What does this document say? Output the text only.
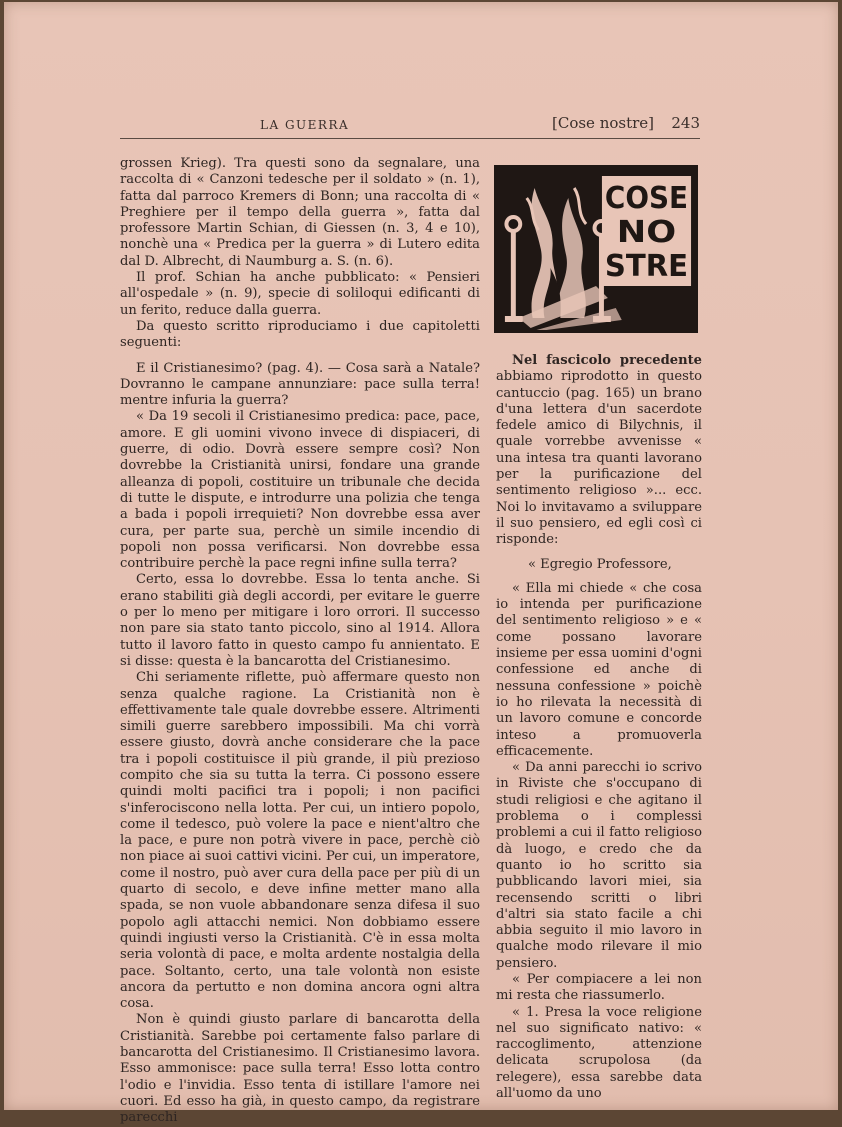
LA GUERRA	[Cose nostre] 243

grossen Krieg). Tra questi sono da segnalare, una raccolta di « Canzoni tedesche per il soldato » (n. 1), fatta dal parroco Kremers di Bonn; una raccolta di « Preghiere per il tempo della guerra », fatta dal professore Martin Schian, di Giessen (n. 3, 4 e 10), nonchè una « Predica per la guerra » di Lutero edita dal D. Albrecht, di Naumburg a. S. (n. 6).

Il prof. Schian ha anche pubblicato: « Pensieri all'ospedale » (n. 9), specie di soliloqui edificanti di un ferito, reduce dalla guerra.

Da questo scritto riproduciamo i due capitoletti seguenti:

E il Cristianesimo? (pag. 4). — Cosa sarà a Natale? Dovranno le campane annunziare: pace sulla terra! mentre infuria la guerra?

« Da 19 secoli il Cristianesimo predica: pace, pace, amore. E gli uomini vivono invece di dispiaceri, di guerre, di odio. Dovrà essere sempre così? Non dovrebbe la Cristianità unirsi, fondare una grande alleanza di popoli, costituire un tribunale che decida di tutte le dispute, e introdurre una polizia che tenga a bada i popoli irrequieti? Non dovrebbe essa aver cura, per parte sua, perchè un simile incendio di popoli non possa verificarsi. Non dovrebbe essa contribuire perchè la pace regni infine sulla terra?

Certo, essa lo dovrebbe. Essa lo tenta anche. Si erano stabiliti già degli accordi, per evitare le guerre o per lo meno per mitigare i loro orrori. Il successo non pare sia stato tanto piccolo, sino al 1914. Allora tutto il lavoro fatto in questo campo fu annientato. E si disse: questa è la bancarotta del Cristianesimo.

Chi seriamente riflette, può affermare questo non senza qualche ragione. La Cristianità non è effettivamente tale quale dovrebbe essere. Altrimenti simili guerre sarebbero impossibili. Ma chi vorrà essere giusto, dovrà anche considerare che la pace tra i popoli costituisce il più grande, il più prezioso compito che sia su tutta la terra. Ci possono essere quindi molti pacifici tra i popoli; i non pacifici s'inferociscono nella lotta. Per cui, un intiero popolo, come il tedesco, può volere la pace e nient'altro che la pace, e pure non potrà vivere in pace, perchè ciò non piace ai suoi cattivi vicini. Per cui, un imperatore, come il nostro, può aver cura della pace per più di un quarto di secolo, e deve infine metter mano alla spada, se non vuole abbandonare senza difesa il suo popolo agli attacchi nemici. Non dobbiamo essere quindi ingiusti verso la Cristianità. C'è in essa molta seria volontà di pace, e molta ardente nostalgia della pace. Soltanto, certo, una tale volontà non esiste ancora da pertutto e non domina ancora ogni altra cosa.

Non è quindi giusto parlare di bancarotta della Cristianità. Sarebbe poi certamente falso parlare di bancarotta del Cristianesimo. Il Cristianesimo lavora. Esso ammonisce: pace sulla terra! Esso lotta contro l'odio e l'invidia. Esso tenta di istillare l'amore nei cuori. Ed esso ha già, in questo campo, da registrare parecchi

COSE
NO
STRE

Nel fascicolo precedente abbiamo riprodotto in questo cantuccio (pag. 165) un brano d'una lettera d'un sacerdote fedele amico di Bilychnis, il quale vorrebbe avvenisse « una intesa tra quanti lavorano per la purificazione del sentimento religioso »... ecc. Noi lo invitavamo a sviluppare il suo pensiero, ed egli così ci risponde:

« Egregio Professore,

« Ella mi chiede « che cosa io intenda per purificazione del sentimento religioso » e « come possano lavorare insieme per essa uomini d'ogni confessione ed anche di nessuna confessione » poichè io ho rilevata la necessità di un lavoro comune e concorde inteso a promuoverla efficacemente.

« Da anni parecchi io scrivo in Riviste che s'occupano di studi religiosi e che agitano il problema o i complessi problemi a cui il fatto religioso dà luogo, e credo che da quanto io ho scritto sia pubblicando lavori miei, sia recensendo scritti o libri d'altri sia stato facile a chi abbia seguito il mio lavoro in qualche modo rilevare il mio pensiero.

« Per compiacere a lei non mi resta che riassumerlo.

« 1. Presa la voce religione nel suo significato nativo: « raccoglimento, attenzione delicata scrupolosa (da relegere), essa sarebbe data all'uomo da uno
